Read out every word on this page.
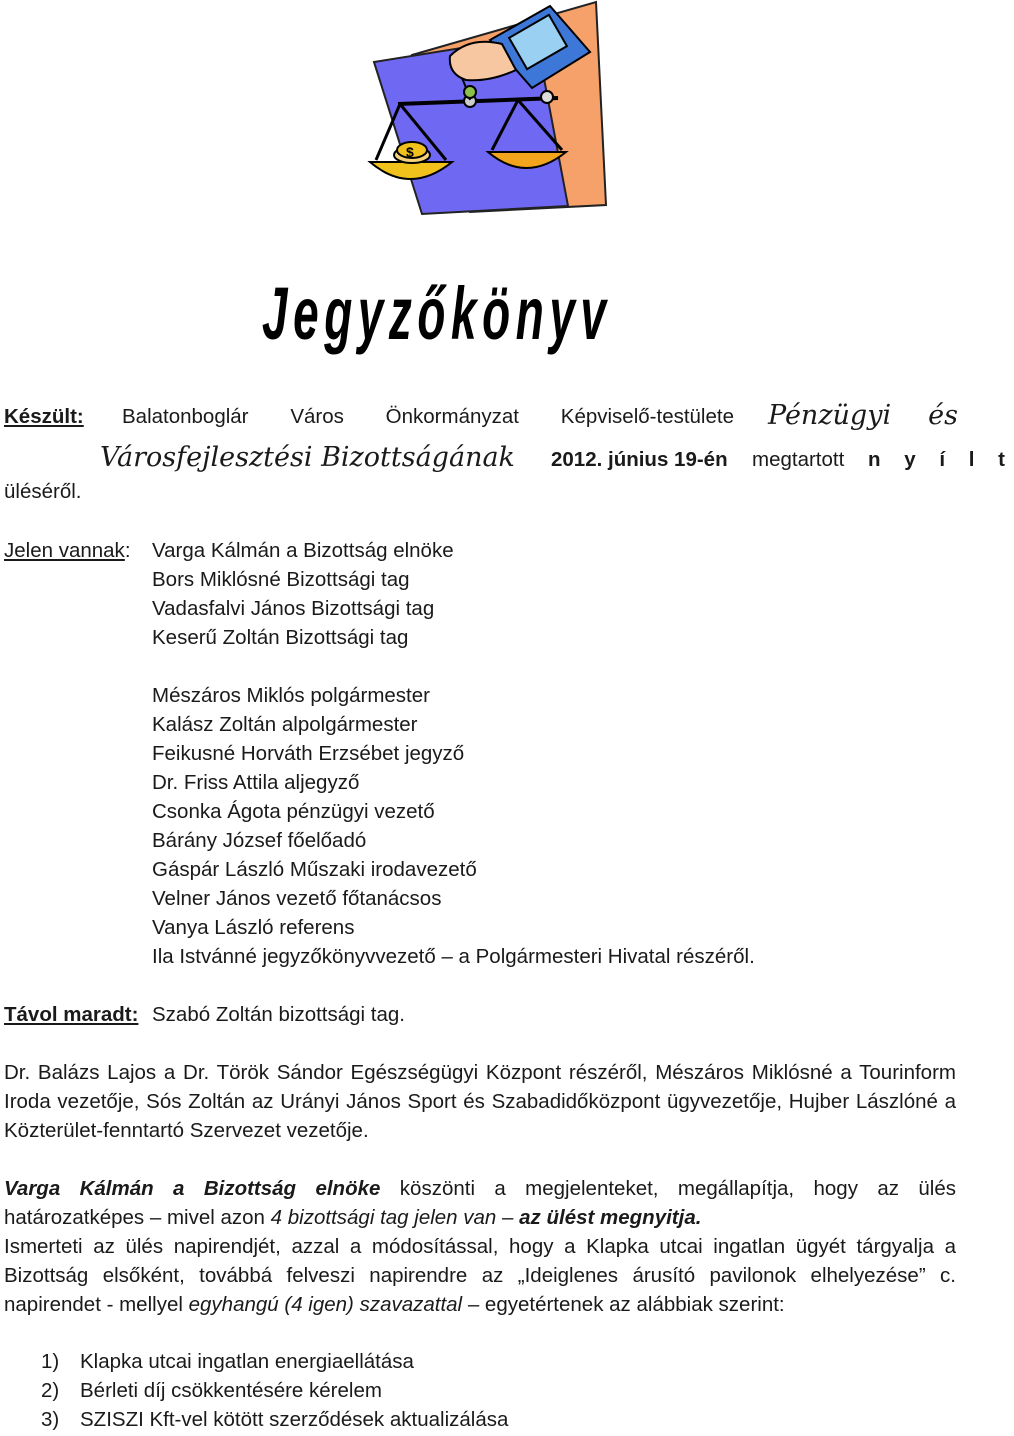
$
Jegyzőkönyv
Készült: Balatonboglár Város Önkormányzat Képviselő-testülete Pénzügyi és
Városfejlesztési Bizottságának 2012. június 19-én megtartott n y í l t
üléséről.
Jelen vannak: Varga Kálmán a Bizottság elnöke
Bors Miklósné Bizottsági tag
Vadasfalvi János Bizottsági tag
Keserű Zoltán Bizottsági tag
Mészáros Miklós polgármester
Kalász Zoltán alpolgármester
Feikusné Horváth Erzsébet jegyző
Dr. Friss Attila aljegyző
Csonka Ágota pénzügyi vezető
Bárány József főelőadó
Gáspár László Műszaki irodavezető
Velner János vezető főtanácsos
Vanya László referens
Ila Istvánné jegyzőkönyvvezető – a Polgármesteri Hivatal részéről.
Távol maradt: Szabó Zoltán bizottsági tag.
Dr. Balázs Lajos a Dr. Török Sándor Egészségügyi Központ részéről, Mészáros Miklósné a Tourinform
Iroda vezetője, Sós Zoltán az Urányi János Sport és Szabadidőközpont ügyvezetője, Hujber Lászlóné a
Közterület-fenntartó Szervezet vezetője.
Varga Kálmán a Bizottság elnöke köszönti a megjelenteket, megállapítja, hogy az ülés
határozatképes – mivel azon 4 bizottsági tag jelen van – az ülést megnyitja.
Ismerteti az ülés napirendjét, azzal a módosítással, hogy a Klapka utcai ingatlan ügyét tárgyalja a
Bizottság elsőként, továbbá felveszi napirendre az „Ideiglenes árusító pavilonok elhelyezése” c.
napirendet - mellyel egyhangú (4 igen) szavazattal – egyetértenek az alábbiak szerint:
1) Klapka utcai ingatlan energiaellátása
2) Bérleti díj csökkentésére kérelem
3) SZISZI Kft-vel kötött szerződések aktualizálása
